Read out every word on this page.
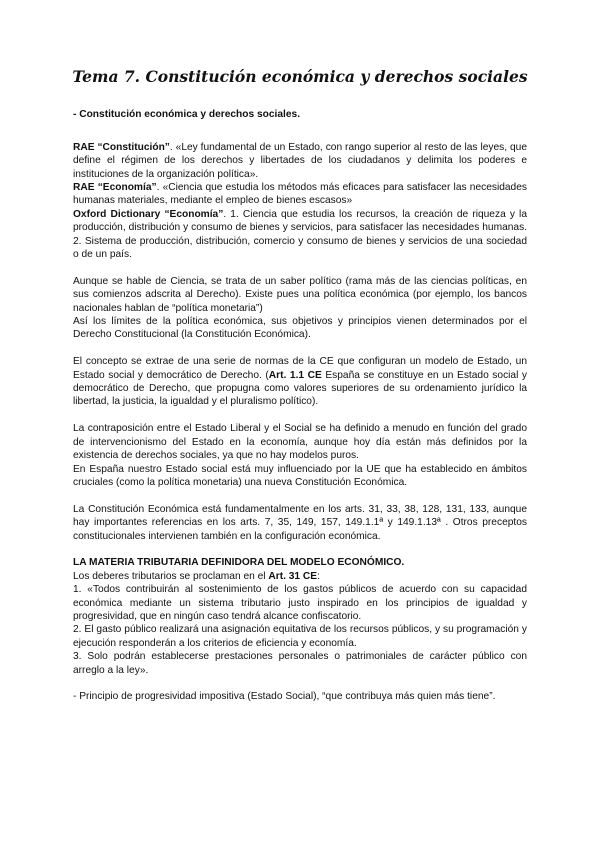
Tema 7. Constitución económica y derechos sociales

- Constitución económica y derechos sociales.

RAE “Constitución”. «Ley fundamental de un Estado, con rango superior al resto de las leyes, que define el régimen de los derechos y libertades de los ciudadanos y delimita los poderes e instituciones de la organización política».

RAE “Economía”. «Ciencia que estudia los métodos más eficaces para satisfacer las necesidades humanas materiales, mediante el empleo de bienes escasos»

Oxford Dictionary “Economía”. 1. Ciencia que estudia los recursos, la creación de riqueza y la producción, distribución y consumo de bienes y servicios, para satisfacer las necesidades humanas. 2. Sistema de producción, distribución, comercio y consumo de bienes y servicios de una sociedad o de un país.

Aunque se hable de Ciencia, se trata de un saber político (rama más de las ciencias políticas, en sus comienzos adscrita al Derecho). Existe pues una política económica (por ejemplo, los bancos nacionales hablan de “política monetaria”)

Así los límites de la política económica, sus objetivos y principios vienen determinados por el Derecho Constitucional (la Constitución Económica).

El concepto se extrae de una serie de normas de la CE que configuran un modelo de Estado, un Estado social y democrático de Derecho. (Art. 1.1 CE España se constituye en un Estado social y democrático de Derecho, que propugna como valores superiores de su ordenamiento jurídico la libertad, la justicia, la igualdad y el pluralismo político).

La contraposición entre el Estado Liberal y el Social se ha definido a menudo en función del grado de intervencionismo del Estado en la economía, aunque hoy día están más definidos por la existencia de derechos sociales, ya que no hay modelos puros.

En España nuestro Estado social está muy influenciado por la UE que ha establecido en ámbitos cruciales (como la política monetaria) una nueva Constitución Económica.

La Constitución Económica está fundamentalmente en los arts. 31, 33, 38, 128, 131, 133, aunque hay importantes referencias en los arts. 7, 35, 149, 157, 149.1.1ª y 149.1.13ª . Otros preceptos constitucionales intervienen también en la configuración económica.

LA MATERIA TRIBUTARIA DEFINIDORA DEL MODELO ECONÓMICO.

Los deberes tributarios se proclaman en el Art. 31 CE:

1. «Todos contribuirán al sostenimiento de los gastos públicos de acuerdo con su capacidad económica mediante un sistema tributario justo inspirado en los principios de igualdad y progresividad, que en ningún caso tendrá alcance confiscatorio.

2. El gasto público realizará una asignación equitativa de los recursos públicos, y su programación y ejecución responderán a los criterios de eficiencia y economía.

3. Solo podrán establecerse prestaciones personales o patrimoniales de carácter público con arreglo a la ley».

- Principio de progresividad impositiva (Estado Social), “que contribuya más quien más tiene”.
